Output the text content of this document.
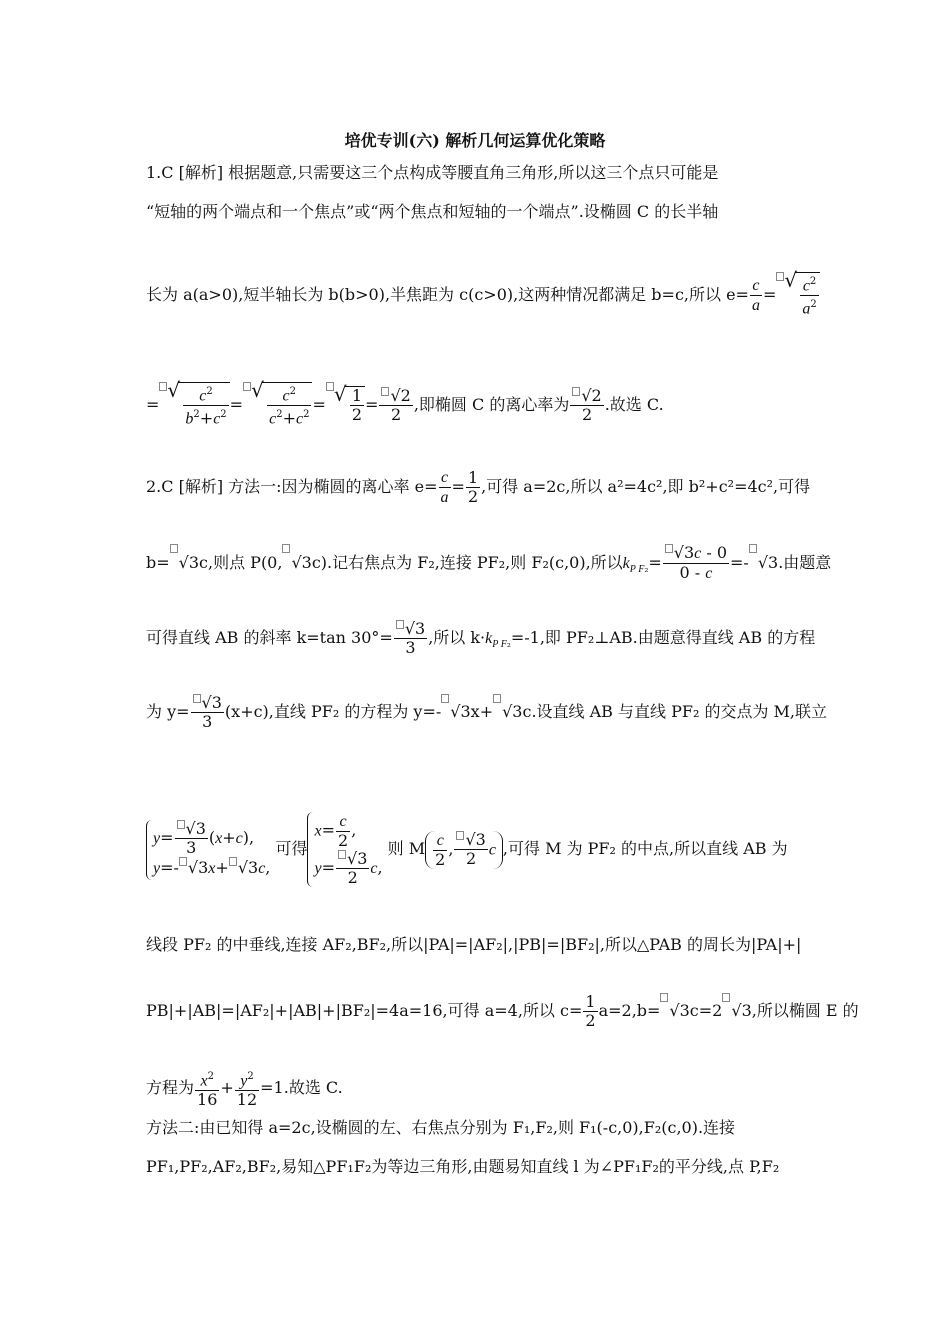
培优专训(六) 解析几何运算优化策略
1.C [解析] 根据题意,只需要这三个点构成等腰直角三角形,所以这三个点只可能是
“短轴的两个端点和一个焦点”或“两个焦点和短轴的一个端点”.设椭圆 C 的长半轴
长为 a(a>0),短半轴长为 b(b>0),半焦距为 c(c>0),这两种情况都满足 b=c,所以 $e= \frac{c}{a}$ = √ $\frac{c^2}{a^2}$
= √ $\frac{c^2}{b^2+c^2}$ = √ $\frac{c^2}{c^2+c^2}$ = √ $\frac{1}{2} = \frac{√2}{2}$ ,即椭圆 C 的离心率为 $\frac{√2}{2}$ .故选 C.
2.C [解析] 方法一:因为椭圆的离心率 $e= \frac{c}{a} = \frac{1}{2}$ ,可得 a=2c,所以 a²=4c²,即 b²+c²=4c²,可得
b= √3c,则点 P(0, √3c).记右焦点为 F₂,连接 PF₂,则 F₂(c,0),所以$k_{P F_2}= \frac{√3c - 0}{0 - c} =- √3$.由题意
可得直线 AB 的斜率 k=tan $30^\circ= \frac{√3}{3}$ ,所以 $k\cdot k_{P F_2}=-1$,即 PF₂⊥AB.由题意得直线 AB 的方程
为 $y= \frac{√3}{3} (x+c)$,直线 PF₂ 的方程为 y=- √3x+ √3c.设直线 AB 与直线 PF₂ 的交点为 M,联立
$y= \frac{√3}{3} (x+c)$,
y=- √3x+ √3c,
可得
$x= \frac{c}{2}$ ,
$y= \frac{√3}{2} c$,
则 M $\frac{c}{2}$ , $\frac{√3}{2}$ c ,可得 M 为 PF₂ 的中点,所以直线 AB 为
线段 PF₂ 的中垂线,连接 AF₂,BF₂,所以|PA|=|AF₂|,|PB|=|BF₂|,所以△PAB 的周长为|PA|+|
PB|+|AB|=|AF₂|+|AB|+|BF₂|=4a=16,可得 a=4,所以 $c= \frac{1}{2} a=2,b= √3c=2$ √3,所以椭圆 E 的
方程为 $\frac{x^2}{16} + \frac{y^2}{12} =1$.故选 C.
方法二:由已知得 a=2c,设椭圆的左、右焦点分别为 F₁,F₂,则 F₁(-c,0),F₂(c,0).连接
PF₁,PF₂,AF₂,BF₂,易知△PF₁F₂为等边三角形,由题易知直线 l 为∠PF₁F₂的平分线,点 P,F₂
